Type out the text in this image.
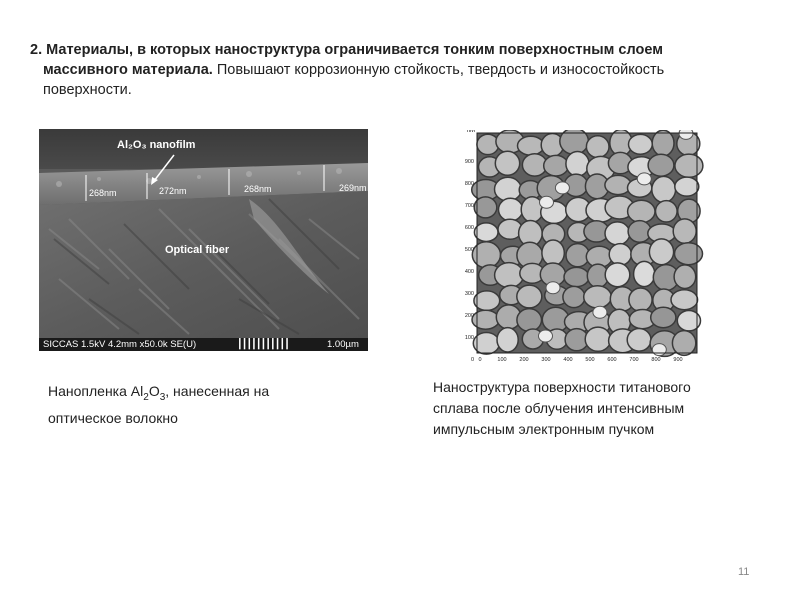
2. Материалы, в которых наноструктура ограничивается тонким поверхностным слоем
массивного материала. Повышают коррозионную стойкость, твердость и износостойкость
поверхности.
Al₂O₃ nanofilm
268nm	272nm	268nm	269nm
Optical fiber
SICCAS 1.5kV 4.2mm x50.0k SE(U)	┃┃┃┃┃┃┃┃┃┃┃	1.00µm
nM
900
800
700
600
500
400
300
200
100
0 0	100 200 300 400 500 600 700 800 900
Нанопленка $Al_2O_3$, нанесенная на
оптическое волокно
Наноструктура поверхности титанового
сплава после облучения интенсивным
импульсным электронным пучком
11
